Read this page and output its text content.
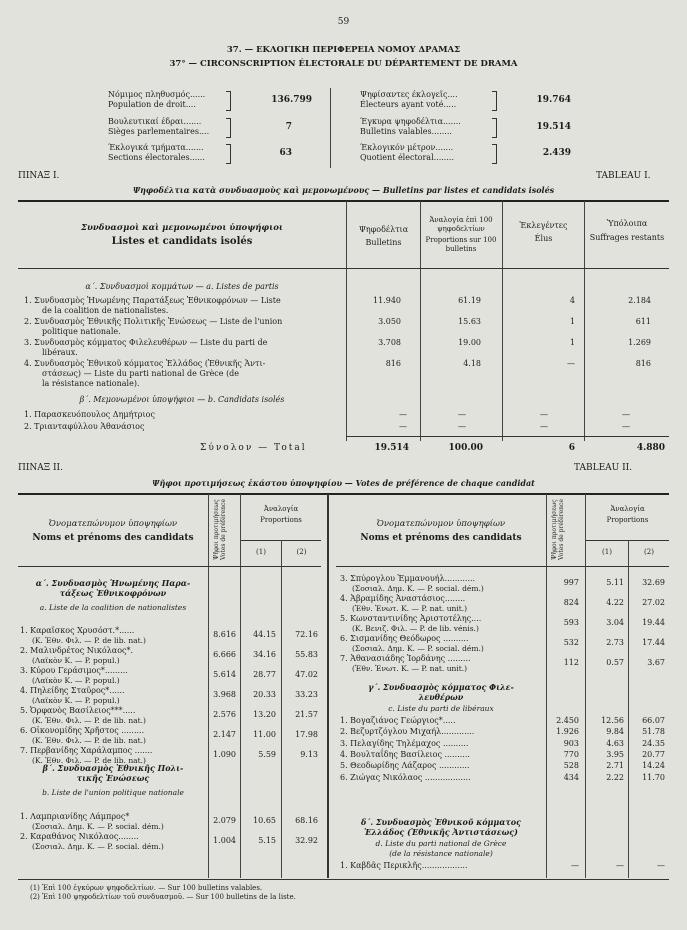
59
37. — ΕΚΛΟΓΙΚΗ ΠΕΡΙΦΕΡΕΙΑ ΝΟΜΟΥ ΔΡΑΜΑΣ
37° — CIRCONSCRIPTION ÉLECTORALE DU DÉPARTEMENT DE DRAMA
Νόμιμος πληθυσμός......
Population de droit....	136.799
Βουλευτικαί έδραι.......
Sièges parlementaires....	7
Έκλογικά τμήματα.......
Sections électorales......	63
Ψηφίσαντες έκλογεῖς....
Électeurs ayant voté.....	19.764
Έγκυρα ψηφοδέλτια.......
Bulletins valables........	19.514
Έκλογικόν μέτρον.......
Quotient électoral........	2.439
ΠΙΝΑΞ Ι.	TABLEAU I.
Ψηφοδέλτια κατὰ συνδυασμοὺς καὶ μεμονωμένους — Bulletins par listes et candidats isolés
Συνδυασμοὶ καὶ μεμονωμένοι ὑποψήφιοι
Listes et candidats isolés
Ψηφοδέλτια
Bulletins
Ἀναλογία ἐπὶ 100 ψηφοδελτίων
Proportions sur 100 bulletins
Ἐκλεγέντες
Élus
Ὑπόλοιπα
Suffrages restants
α΄. Συνδυασμοὶ κομμάτων — a. Listes de partis
1. Συνδυασμὸς Ἡνωμένης Παρατάξεως Ἐθνικοφρόνων — Liste
de la coalition de nationalistes.
11.940	61.19	4	2.184
2. Συνδυασμὸς Ἐθνικῆς Πολιτικῆς Ἑνώσεως — Liste de l'union
politique nationale.
3.050	15.63	1	611
3. Συνδυασμὸς κόμματος Φιλελευθέρων — Liste du parti de
libéraux.
3.708	19.00	1	1.269
4. Συνδυασμὸς Ἐθνικοῦ κόμματος Ἑλλάδος (Ἐθνικῆς Ἀντι-
στάσεως) — Liste du parti national de Grèce (de
la résistance nationale).
816	4.18	—	816
β΄. Μεμονωμένοι ὑποψήφιοι — b. Candidats isolés
1. Παρασκευόπουλος Δημήτριος	—	—	—	—
2. Τριανταφύλλου Ἀθανάσιος	—	—	—	—
Σύνολον — Total	19.514	100.00	6	4.880
ΠΙΝΑΞ ΙΙ.	TABLEAU II.
Ψῆφοι προτιμήσεως ἑκάστου ὑποψηφίου — Votes de préférence de chaque candidat
Ὀνοματεπώνυμον ὑποψηφίων
Noms et prénoms des candidats	Ψῆφοι προτιμήσεως Votes de préférence	Ἀναλογία
Proportions
(1)	(2)
Ὀνοματεπώνυμον ὑποψηφίων
Noms et prénoms des candidats	Ψῆφοι προτιμήσεως Votes de préférence	Ἀναλογία
Proportions
(1)	(2)
α΄. Συνδυασμὸς Ἡνωμένης Παρα-
τάξεως Ἐθνικοφρόνων
a. Liste de la coalition de nationalistes
1. Καραϊσκος Χρυσόστ.*......
(Κ. Ἐθν. Φιλ. — P. de lib. nat.)
8.616	44.15	72.16
2. Μαλινδρέτος Νικόλαος*.
(Λαϊκὸν Κ. — P. popul.)
6.666	34.16	55.83
3. Κύρου Γεράσιμος*.........
(Λαϊκὸν Κ. — P. popul.)
5.614	28.77	47.02
4. Πηλείδης Σταῦρος*......
(Λαϊκὸν Κ. — P. popul.)
3.968	20.33	33.23
5. Ὀρφανὸς Βασίλειος***.....
(Κ. Ἐθν. Φιλ. — P. de lib. nat.)
2.576	13.20	21.57
6. Οἰκονομίδης Χρῆστος .........
(Κ. Ἐθν. Φιλ. — P. de lib. nat.)
2.147	11.00	17.98
7. Περβανίδης Χαράλαμπος .......
(Κ. Ἐθν. Φιλ. — P. de lib. nat.)
1.090	5.59	9.13
β΄. Συνδυασμὸς Ἐθνικῆς Πολι-
τικῆς Ἑνώσεως
b. Liste de l'union politique nationale
1. Λαμπριανίδης Λάμπρος*
(Σοσιαλ. Δημ. Κ. — P. social. dém.)
2.079	10.65	68.16
2. Καραθάνος Νικόλαος........
(Σοσιαλ. Δημ. Κ. — P. social. dém.)
1.004	5.15	32.92
3. Σπύρογλου Ἐμμανουήλ............
(Σοσιαλ. Δημ. Κ. — P. social. dém.)
997	5.11	32.69
4. Ἀβραμίδης Ἀναστάσιος........
(Ἐθν. Ἑνωτ. Κ. — P. nat. unit.)
824	4.22	27.02
5. Κωνσταντινίδης Ἀριστοτέλης....
(Κ. Βενιζ. Φιλ. — P. de lib. vénis.)
593	3.04	19.44
6. Σισμανίδης Θεόδωρος ..........
(Σοσιαλ. Δημ. Κ. — P. social. dém.)
532	2.73	17.44
7. Ἀθανασιάδης Ἰορδάνης .........
(Ἐθν. Ἑνωτ. Κ. — P. nat. unit.)
112	0.57	3.67
γ΄. Συνδυασμὸς κόμματος Φιλε-
λευθέρων
c. Liste du parti de libéraux
1. Βογαζιάνος Γεώργιος*.....	2.450	12.56	66.07
2. Βεζυρτζόγλου Μιχαήλ.............	1.926	9.84	51.78
3. Πελαγίδης Τηλέμαχος ..........	903	4.63	24.35
4. Βουλταΐδης Βασίλειος ..........	770	3.95	20.77
5. Θεοδωρίδης Λάζαρος ............	528	2.71	14.24
6. Ζιώγας Νικόλαος ..................	434	2.22	11.70
δ΄. Συνδυασμὸς Ἐθνικοῦ κόμματος
Ἑλλάδος (Ἐθνικῆς Ἀντιστάσεως)
d. Liste du parti national de Grèce
(de la résistance nationale)
1. Καβδᾶς Περικλῆς..................	—	—	—
(1) Ἐπὶ 100 ἐγκύρων ψηφοδελτίων. — Sur 100 bulletins valables.
(2) Ἐπὶ 100 ψηφοδελτίων τοῦ συνδυασμοῦ. — Sur 100 bulletins de la liste.
